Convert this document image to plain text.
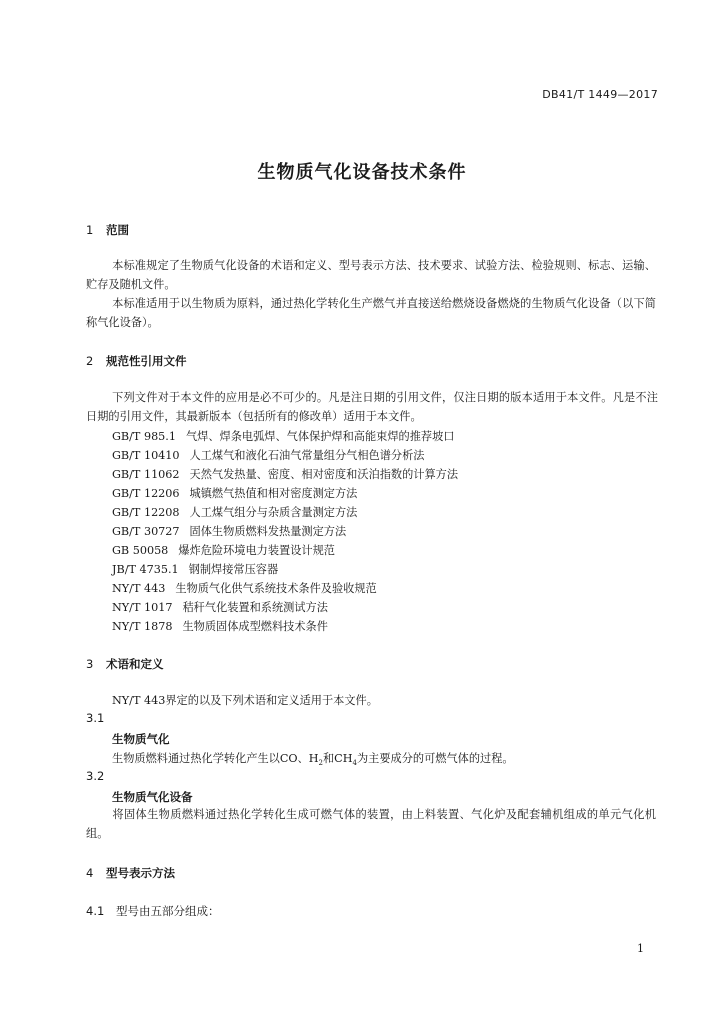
DB41/T 1449—2017
生物质气化设备技术条件
1 范围
本标准规定了生物质气化设备的术语和定义、型号表示方法、技术要求、试验方法、检验规则、标志、运输、贮存及随机文件。
本标准适用于以生物质为原料，通过热化学转化生产燃气并直接送给燃烧设备燃烧的生物质气化设备（以下简称气化设备）。
2 规范性引用文件
下列文件对于本文件的应用是必不可少的。凡是注日期的引用文件，仅注日期的版本适用于本文件。凡是不注日期的引用文件，其最新版本（包括所有的修改单）适用于本文件。
GB/T 985.1 气焊、焊条电弧焊、气体保护焊和高能束焊的推荐坡口
GB/T 10410 人工煤气和液化石油气常量组分气相色谱分析法
GB/T 11062 天然气发热量、密度、相对密度和沃泊指数的计算方法
GB/T 12206 城镇燃气热值和相对密度测定方法
GB/T 12208 人工煤气组分与杂质含量测定方法
GB/T 30727 固体生物质燃料发热量测定方法
GB 50058 爆炸危险环境电力装置设计规范
JB/T 4735.1 钢制焊接常压容器
NY/T 443 生物质气化供气系统技术条件及验收规范
NY/T 1017 秸秆气化装置和系统测试方法
NY/T 1878 生物质固体成型燃料技术条件
3 术语和定义
NY/T 443界定的以及下列术语和定义适用于本文件。
3.1
生物质气化
生物质燃料通过热化学转化产生以CO、$H_2$和$CH_4$为主要成分的可燃气体的过程。
3.2
生物质气化设备
将固体生物质燃料通过热化学转化生成可燃气体的装置，由上料装置、气化炉及配套辅机组成的单元气化机组。
4 型号表示方法
4.1 型号由五部分组成：
1
